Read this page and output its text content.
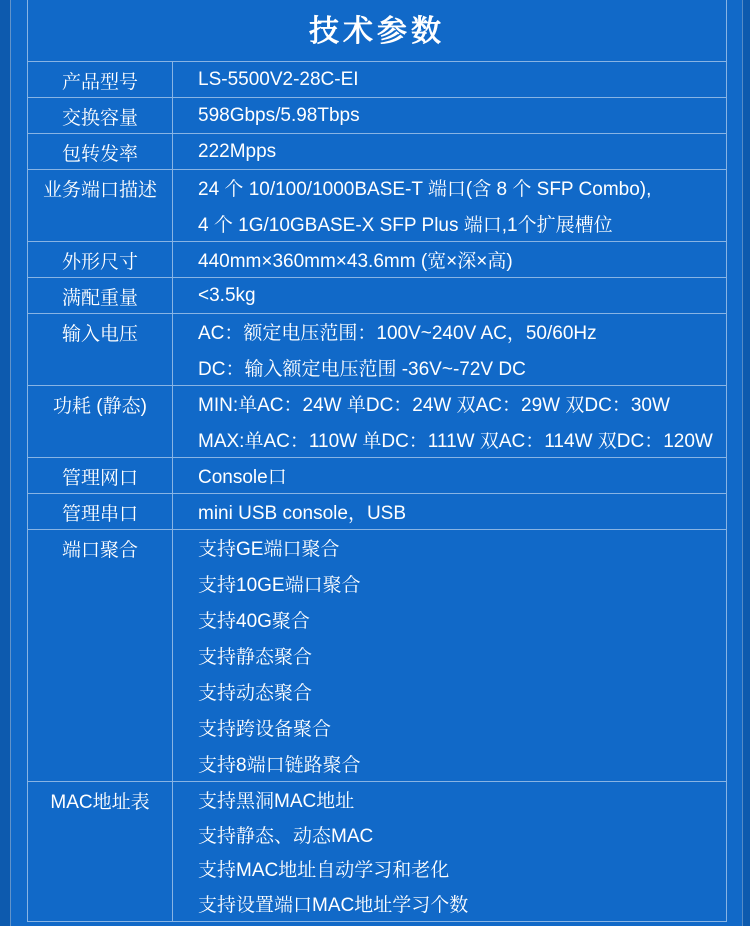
技术参数
产品型号	LS-5500V2-28C-EI
交换容量	598Gbps/5.98Tbps
包转发率	222Mpps
业务端口描述 24 个 10/100/1000BASE-T 端口(含 8 个 SFP Combo),
4 个 1G/10GBASE-X SFP Plus 端口,1个扩展槽位
外形尺寸	440mm×360mm×43.6mm (宽×深×高)
满配重量	<3.5kg
输入电压	AC：额定电压范围：100V~240V AC，50/60Hz
DC：输入额定电压范围 -36V~-72V DC
功耗 (静态)	MIN:单AC：24W 单DC：24W 双AC：29W 双DC：30W
MAX:单AC：110W 单DC：111W 双AC：114W 双DC：120W
管理网口	Console口
管理串口	mini USB console，USB
端口聚合	支持GE端口聚合
支持10GE端口聚合
支持40G聚合
支持静态聚合
支持动态聚合
支持跨设备聚合
支持8端口链路聚合
MAC地址表	支持黑洞MAC地址
支持静态、动态MAC
支持MAC地址自动学习和老化
支持设置端口MAC地址学习个数
